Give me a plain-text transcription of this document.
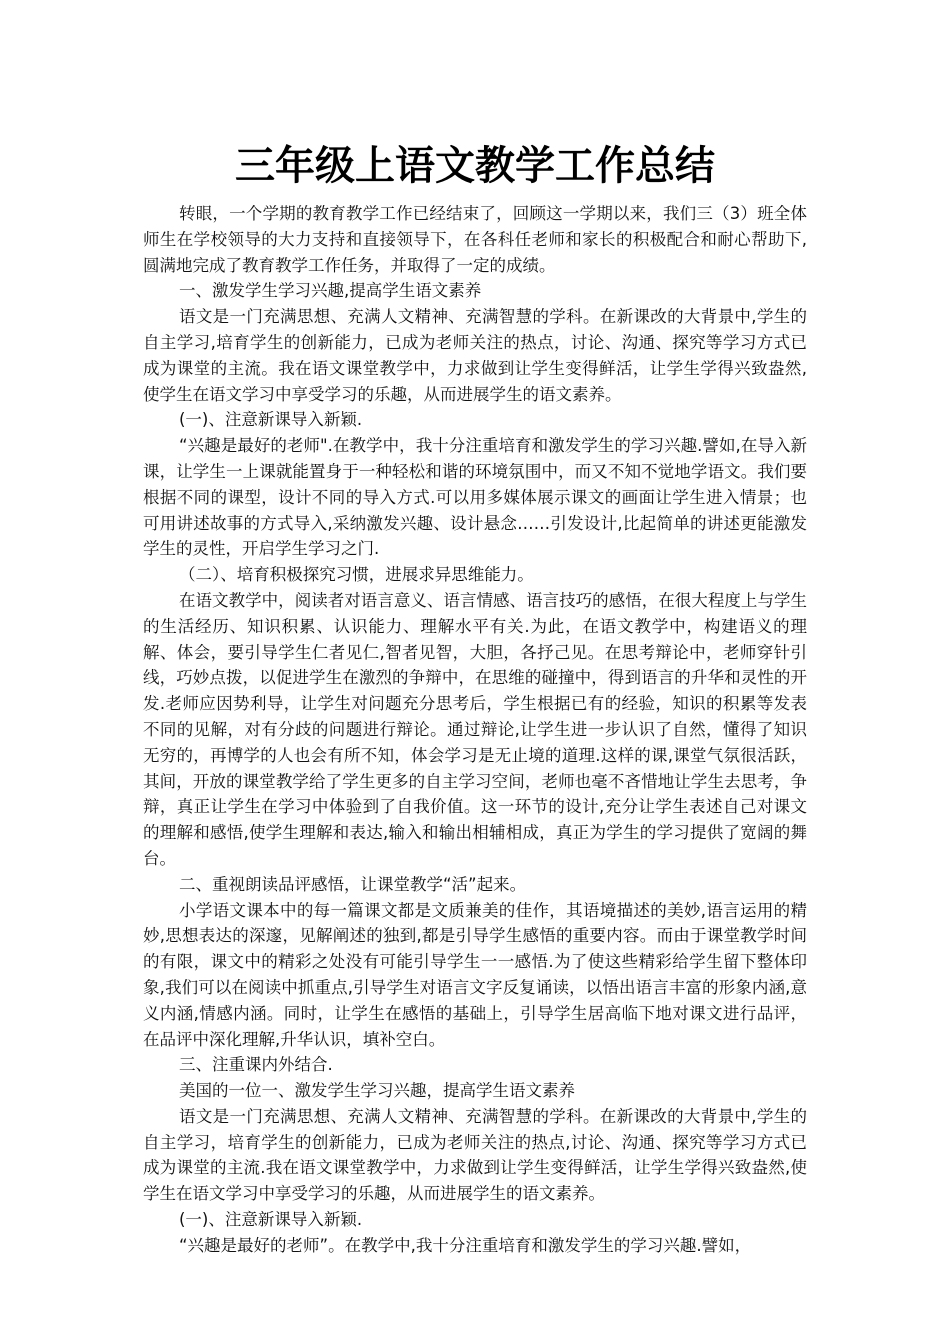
三年级上语文教学工作总结

转眼，一个学期的教育教学工作已经结束了，回顾这一学期以来，我们三（3）班全体师生在学校领导的大力支持和直接领导下，在各科任老师和家长的积极配合和耐心帮助下,圆满地完成了教育教学工作任务，并取得了一定的成绩。

一、激发学生学习兴趣,提高学生语文素养

语文是一门充满思想、充满人文精神、充满智慧的学科。在新课改的大背景中,学生的自主学习,培育学生的创新能力，已成为老师关注的热点，讨论、沟通、探究等学习方式已成为课堂的主流。我在语文课堂教学中，力求做到让学生变得鲜活，让学生学得兴致盎然,使学生在语文学习中享受学习的乐趣，从而进展学生的语文素养。

(一)、注意新课导入新颖.

“兴趣是最好的老师".在教学中，我十分注重培育和激发学生的学习兴趣.譬如,在导入新课，让学生一上课就能置身于一种轻松和谐的环境氛围中，而又不知不觉地学语文。我们要根据不同的课型，设计不同的导入方式.可以用多媒体展示课文的画面让学生进入情景；也可用讲述故事的方式导入,采纳激发兴趣、设计悬念……引发设计,比起简单的讲述更能激发学生的灵性，开启学生学习之门.

（二）、培育积极探究习惯，进展求异思维能力。

在语文教学中，阅读者对语言意义、语言情感、语言技巧的感悟，在很大程度上与学生的生活经历、知识积累、认识能力、理解水平有关.为此，在语文教学中，构建语义的理解、体会，要引导学生仁者见仁,智者见智，大胆，各抒己见。在思考辩论中，老师穿针引线，巧妙点拨，以促进学生在激烈的争辩中，在思维的碰撞中，得到语言的升华和灵性的开发.老师应因势利导，让学生对问题充分思考后，学生根据已有的经验，知识的积累等发表不同的见解，对有分歧的问题进行辩论。通过辩论,让学生进一步认识了自然，懂得了知识无穷的，再博学的人也会有所不知，体会学习是无止境的道理.这样的课,课堂气氛很活跃，其间，开放的课堂教学给了学生更多的自主学习空间，老师也毫不吝惜地让学生去思考，争辩，真正让学生在学习中体验到了自我价值。这一环节的设计,充分让学生表述自己对课文的理解和感悟,使学生理解和表达,输入和输出相辅相成，真正为学生的学习提供了宽阔的舞台。

二、重视朗读品评感悟，让课堂教学“活”起来。

小学语文课本中的每一篇课文都是文质兼美的佳作，其语境描述的美妙,语言运用的精妙,思想表达的深邃，见解阐述的独到,都是引导学生感悟的重要内容。而由于课堂教学时间的有限，课文中的精彩之处没有可能引导学生一一感悟.为了使这些精彩给学生留下整体印象,我们可以在阅读中抓重点,引导学生对语言文字反复诵读，以悟出语言丰富的形象内涵,意义内涵,情感内涵。同时，让学生在感悟的基础上，引导学生居高临下地对课文进行品评，在品评中深化理解,升华认识，填补空白。

三、注重课内外结合.

美国的一位一、激发学生学习兴趣，提高学生语文素养

语文是一门充满思想、充满人文精神、充满智慧的学科。在新课改的大背景中,学生的自主学习，培育学生的创新能力，已成为老师关注的热点,讨论、沟通、探究等学习方式已成为课堂的主流.我在语文课堂教学中，力求做到让学生变得鲜活，让学生学得兴致盎然,使学生在语文学习中享受学习的乐趣，从而进展学生的语文素养。

(一)、注意新课导入新颖.

“兴趣是最好的老师”。在教学中,我十分注重培育和激发学生的学习兴趣.譬如，
